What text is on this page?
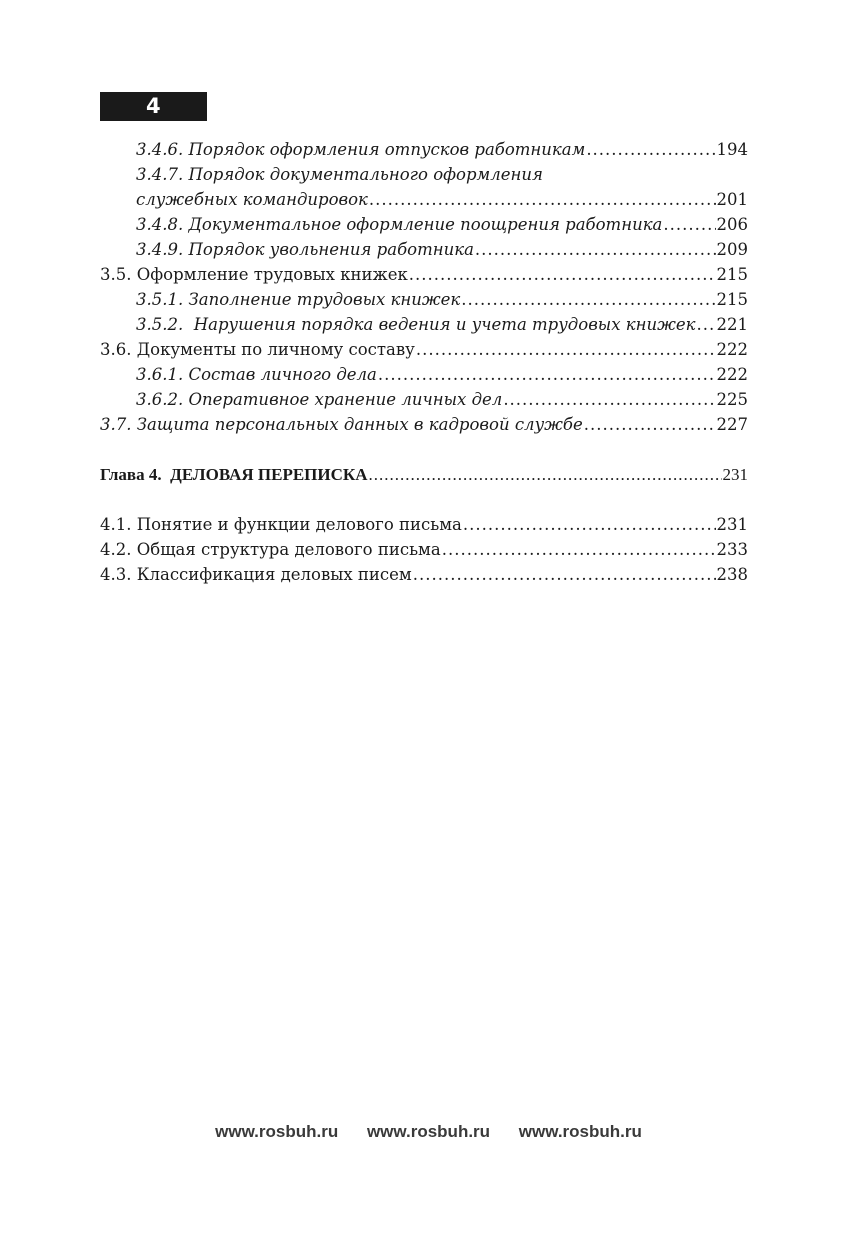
4
3.4.6. Порядок оформления отпусков работникам .....	194
3.4.7. Порядок документального оформления
служебных командировок .....	201
3.4.8. Документальное оформление поощрения работника .....	206
3.4.9. Порядок увольнения работника .....	209
3.5. Оформление трудовых книжек .....	215
3.5.1. Заполнение трудовых книжек .....	215
3.5.2.  Нарушения порядка ведения и учета трудовых книжек ..... 221
3.6. Документы по личному составу .....	222
3.6.1. Состав личного дела .....	222
3.6.2. Оперативное хранение личных дел .....	225
3.7. Защита персональных данных в кадровой службе .....	227
Глава 4.  ДЕЛОВАЯ ПЕРЕПИСКА .....	231
4.1. Понятие и функции делового письма .....	231
4.2. Общая структура делового письма .....	233
4.3. Классификация деловых писем .....	238
www.rosbuh.ru www.rosbuh.ru www.rosbuh.ru
